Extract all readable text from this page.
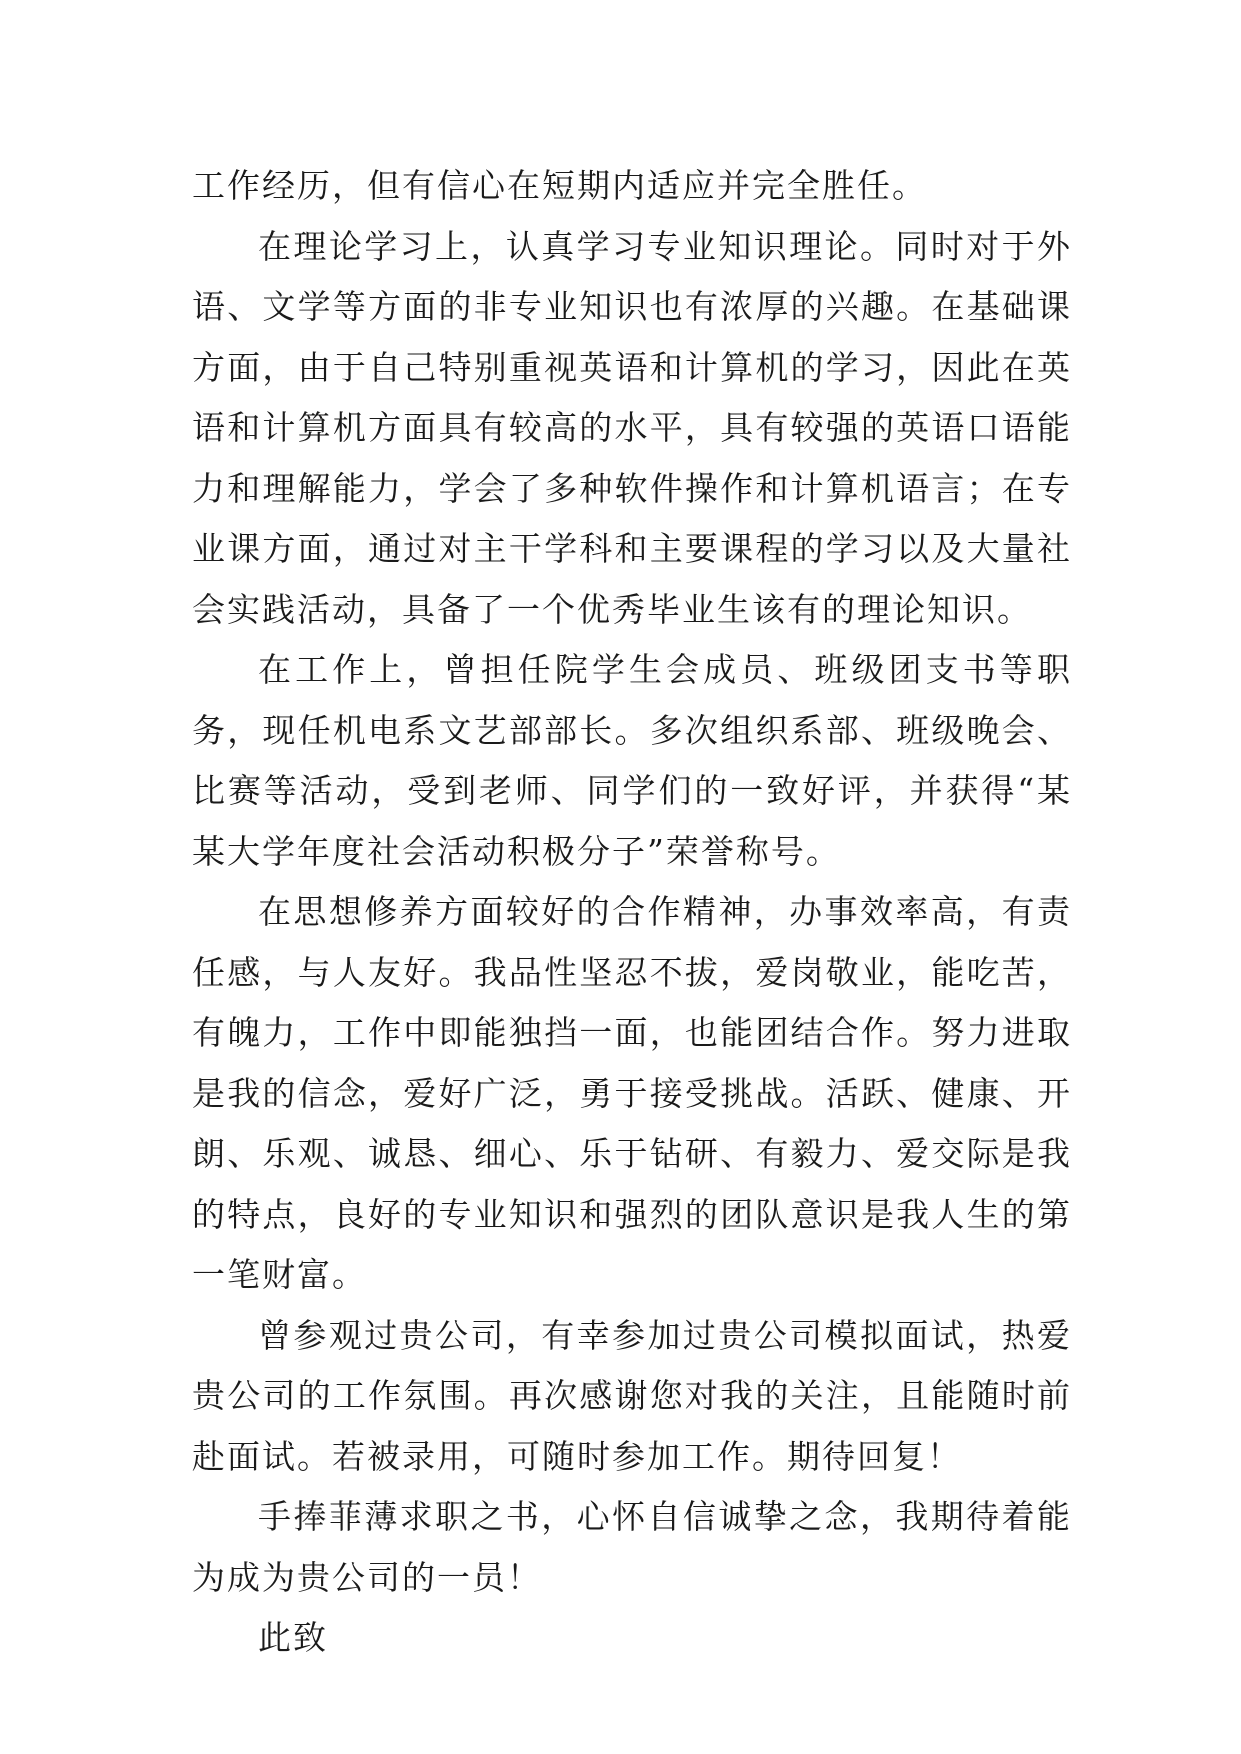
工作经历，但有信心在短期内适应并完全胜任。

在理论学习上，认真学习专业知识理论。同时对于外语、文学等方面的非专业知识也有浓厚的兴趣。在基础课方面，由于自己特别重视英语和计算机的学习，因此在英语和计算机方面具有较高的水平，具有较强的英语口语能力和理解能力，学会了多种软件操作和计算机语言；在专业课方面，通过对主干学科和主要课程的学习以及大量社会实践活动，具备了一个优秀毕业生该有的理论知识。

在工作上，曾担任院学生会成员、班级团支书等职务，现任机电系文艺部部长。多次组织系部、班级晚会、比赛等活动，受到老师、同学们的一致好评，并获得“某某大学年度社会活动积极分子”荣誉称号。

在思想修养方面较好的合作精神，办事效率高，有责任感，与人友好。我品性坚忍不拔，爱岗敬业，能吃苦，有魄力，工作中即能独挡一面，也能团结合作。努力进取是我的信念，爱好广泛，勇于接受挑战。活跃、健康、开朗、乐观、诚恳、细心、乐于钻研、有毅力、爱交际是我的特点，良好的专业知识和强烈的团队意识是我人生的第一笔财富。

曾参观过贵公司，有幸参加过贵公司模拟面试，热爱贵公司的工作氛围。再次感谢您对我的关注，且能随时前赴面试。若被录用，可随时参加工作。期待回复！

手捧菲薄求职之书，心怀自信诚挚之念，我期待着能为成为贵公司的一员！

此致
